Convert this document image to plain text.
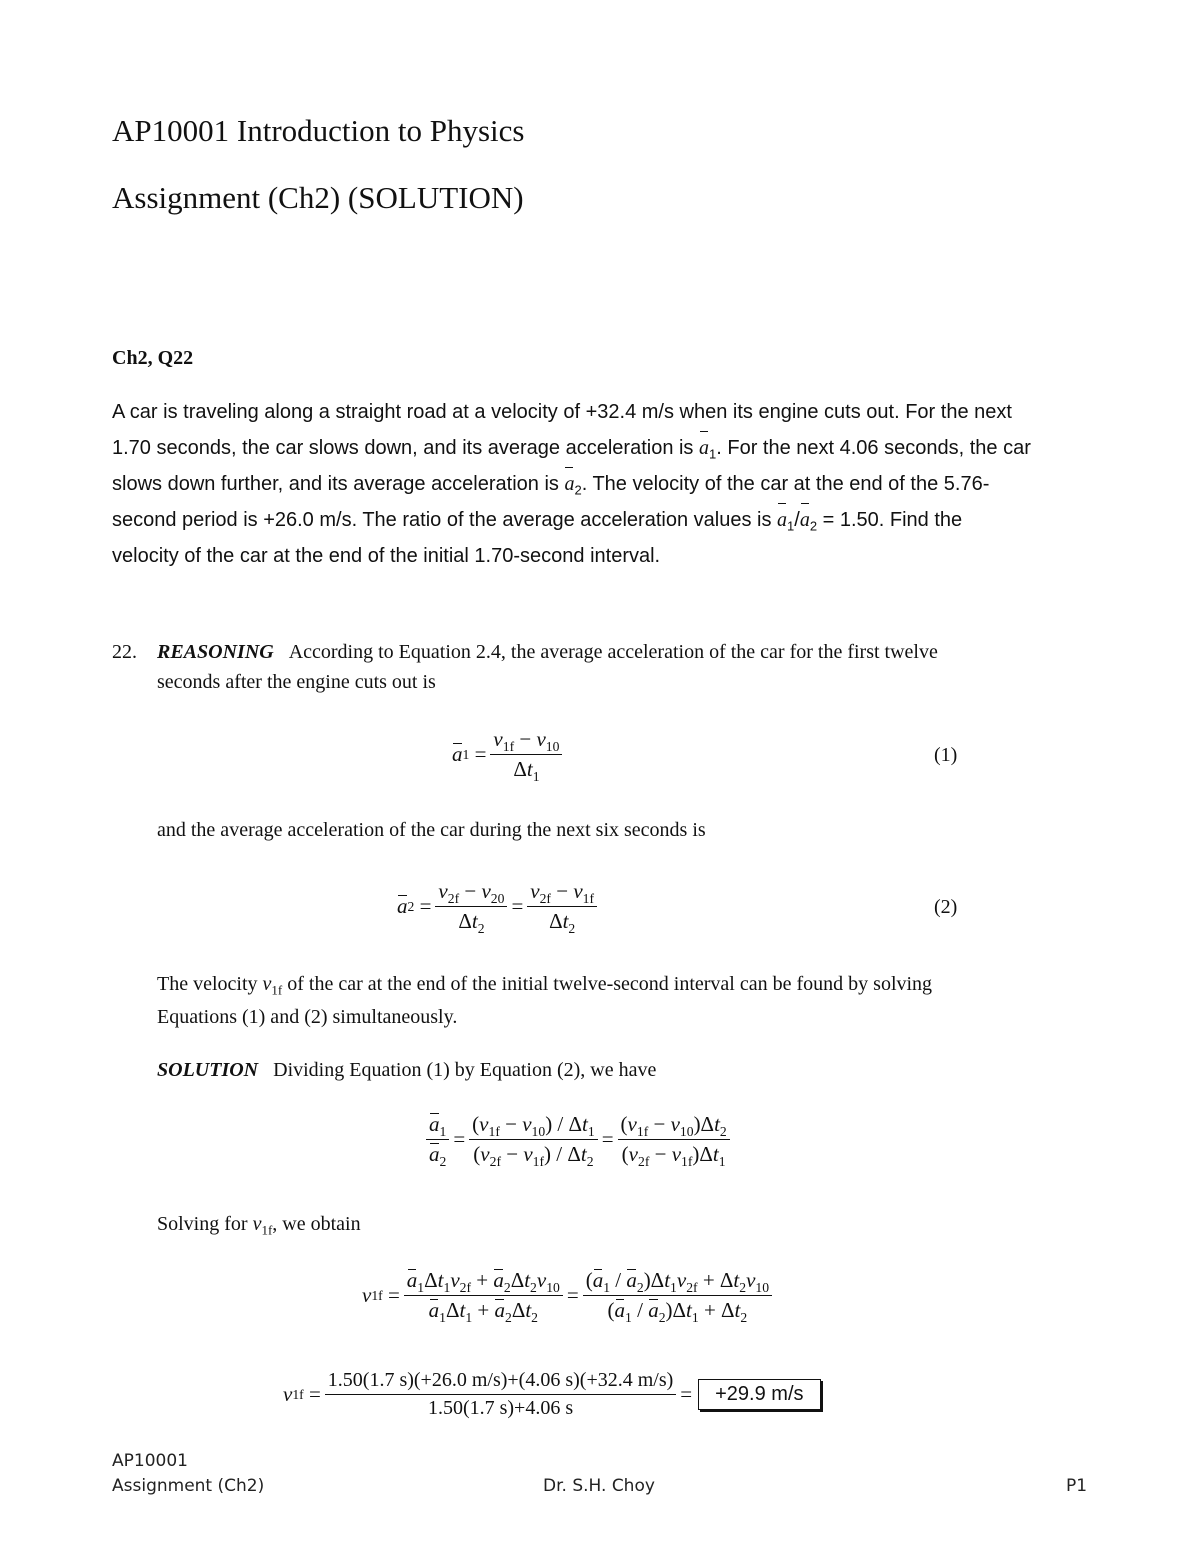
AP10001 Introduction to Physics
Assignment (Ch2) (SOLUTION)
Ch2, Q22
A car is traveling along a straight road at a velocity of +32.4 m/s when its engine cuts out. For the next
1.70 seconds, the car slows down, and its average acceleration is $a_1$. For the next 4.06 seconds, the car
slows down further, and its average acceleration is $a_2$. The velocity of the car at the end of the 5.76-
second period is +26.0 m/s. The ratio of the average acceleration values is $a_1/a_2 = 1.50$. Find the
velocity of the car at the end of the initial 1.70-second interval.
22. REASONING According to Equation 2.4, the average acceleration of the car for the first twelve
seconds after the engine cuts out is
a $1 = \frac{v_{1f} - v_{10}}{\Delta t_1}$	(1)
and the average acceleration of the car during the next six seconds is
a $2 = \frac{v_{2f} - v_{20}}{\Delta t_2} = \frac{v_{2f} - v_{1f}}{\Delta t_2}$	(2)
The velocity $v_{1f}$ of the car at the end of the initial twelve-second interval can be found by solving
Equations (1) and (2) simultaneously.
SOLUTION Dividing Equation (1) by Equation (2), we have
$\frac{a_1}{a_2} = \frac{(v_{1f} - v_{10}) / \Delta t_1}{(v_{2f} - v_{1f}) / \Delta t_2} = \frac{(v_{1f} - v_{10})\Delta t_2}{(v_{2f} - v_{1f})\Delta t_1}$
Solving for $v_{1f}$, we obtain
v $1f = \frac{a_1\Delta t_1v_{2f} + a_2\Delta t_2v_{10}}{a_1\Delta t_1 + a_2\Delta t_2} = \frac{(a_1 / a_2)\Delta t_1v_{2f} + \Delta t_2v_{10}}{(a_1 / a_2)\Delta t_1 + \Delta t_2}$
v $1f = \frac{1.50(1.7 s)(+26.0 m/s)+(4.06 s)(+32.4 m/s)}{1.50(1.7 s)+4.06 s}$ =	+29.9 m/s
AP10001
Assignment (Ch2)	Dr. S.H. Choy	P1
